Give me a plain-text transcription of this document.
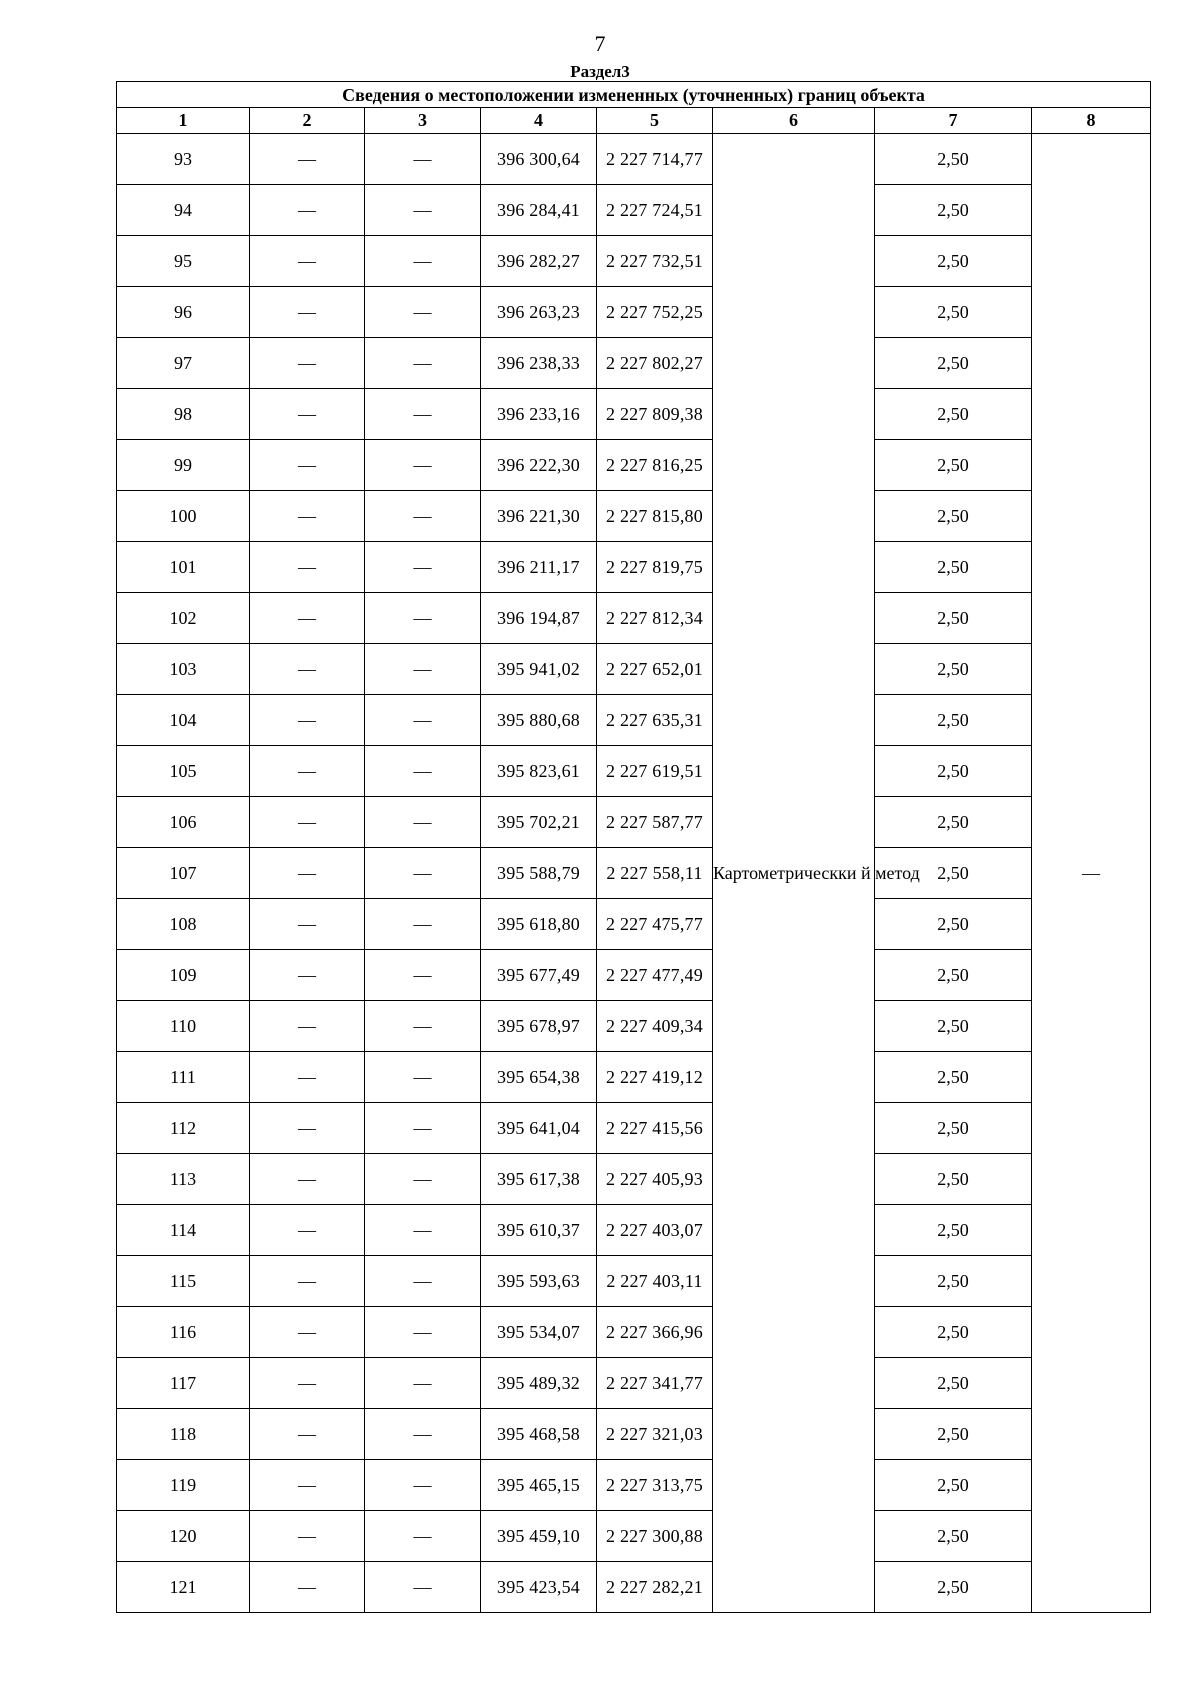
7
Раздел3
Сведения о местоположении измененных (уточненных) границ объекта							
1	2	3	4	5	6	7	8
93	—	—	396 300,64	2 227 714,77	Картометрическки й метод	2,50	—
94	—	—	396 284,41	2 227 724,51		2,50	
95	—	—	396 282,27	2 227 732,51		2,50	
96	—	—	396 263,23	2 227 752,25		2,50	
97	—	—	396 238,33	2 227 802,27		2,50	
98	—	—	396 233,16	2 227 809,38		2,50	
99	—	—	396 222,30	2 227 816,25		2,50	
100	—	—	396 221,30	2 227 815,80		2,50	
101	—	—	396 211,17	2 227 819,75		2,50	
102	—	—	396 194,87	2 227 812,34		2,50	
103	—	—	395 941,02	2 227 652,01		2,50	
104	—	—	395 880,68	2 227 635,31		2,50	
105	—	—	395 823,61	2 227 619,51		2,50	
106	—	—	395 702,21	2 227 587,77		2,50	
107	—	—	395 588,79	2 227 558,11		2,50	
108	—	—	395 618,80	2 227 475,77		2,50	
109	—	—	395 677,49	2 227 477,49		2,50	
110	—	—	395 678,97	2 227 409,34		2,50	
111	—	—	395 654,38	2 227 419,12		2,50	
112	—	—	395 641,04	2 227 415,56		2,50	
113	—	—	395 617,38	2 227 405,93		2,50	
114	—	—	395 610,37	2 227 403,07		2,50	
115	—	—	395 593,63	2 227 403,11		2,50	
116	—	—	395 534,07	2 227 366,96		2,50	
117	—	—	395 489,32	2 227 341,77		2,50	
118	—	—	395 468,58	2 227 321,03		2,50	
119	—	—	395 465,15	2 227 313,75		2,50	
120	—	—	395 459,10	2 227 300,88		2,50	
121	—	—	395 423,54	2 227 282,21		2,50	
